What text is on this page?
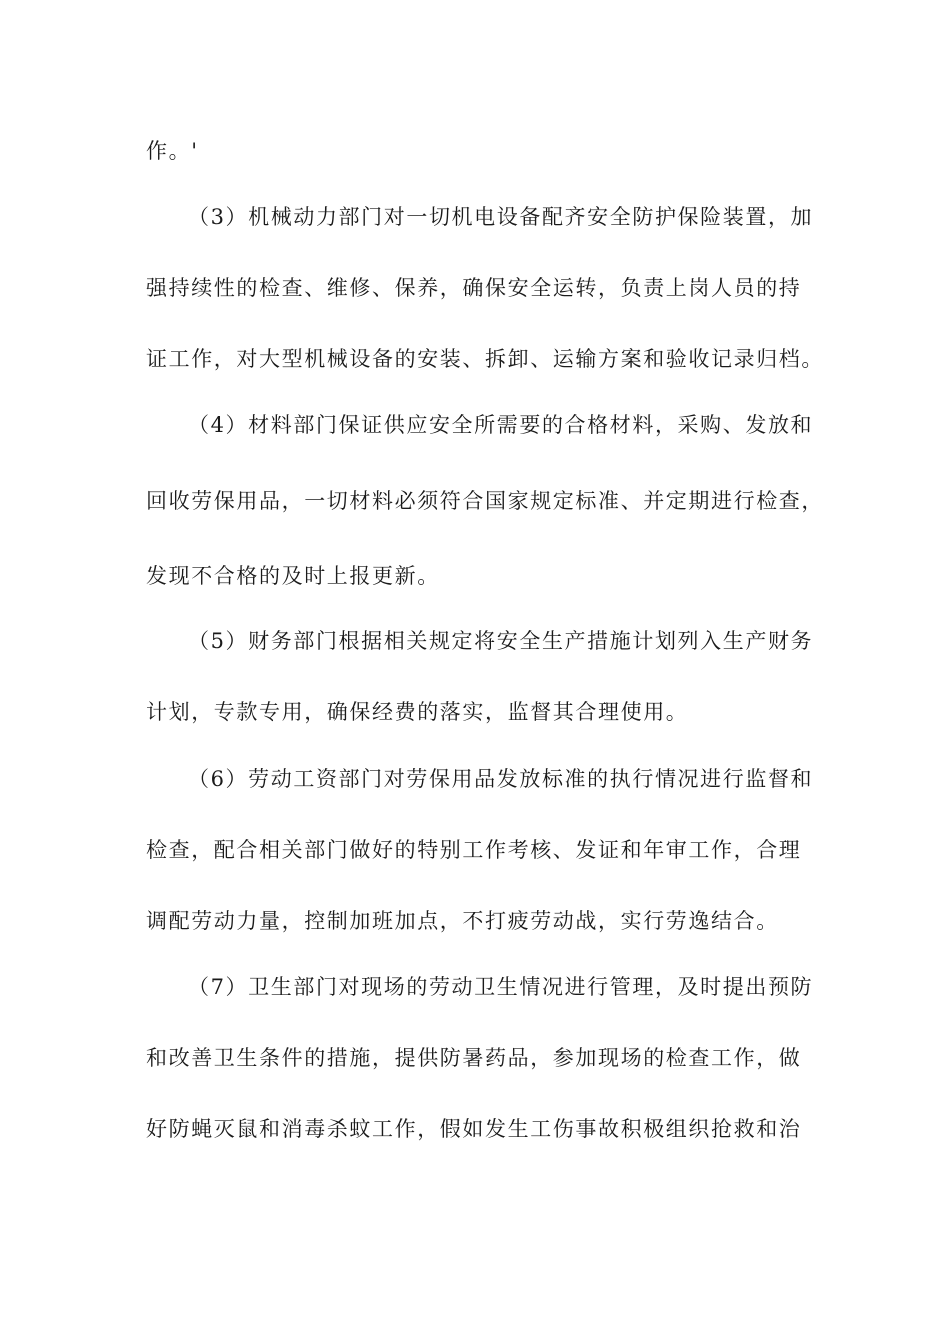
作。'
（3）机械动力部门对一切机电设备配齐安全防护保险装置，加
强持续性的检查、维修、保养，确保安全运转，负责上岗人员的持
证工作，对大型机械设备的安装、拆卸、运输方案和验收记录归档。
（4）材料部门保证供应安全所需要的合格材料，采购、发放和
回收劳保用品，一切材料必须符合国家规定标准、并定期进行检查，
发现不合格的及时上报更新。
（5）财务部门根据相关规定将安全生产措施计划列入生产财务
计划，专款专用，确保经费的落实，监督其合理使用。
（6）劳动工资部门对劳保用品发放标准的执行情况进行监督和
检查，配合相关部门做好的特别工作考核、发证和年审工作，合理
调配劳动力量，控制加班加点，不打疲劳动战，实行劳逸结合。
（7）卫生部门对现场的劳动卫生情况进行管理，及时提出预防
和改善卫生条件的措施，提供防暑药品，参加现场的检查工作，做
好防蝇灭鼠和消毒杀蚊工作，假如发生工伤事故积极组织抢救和治
